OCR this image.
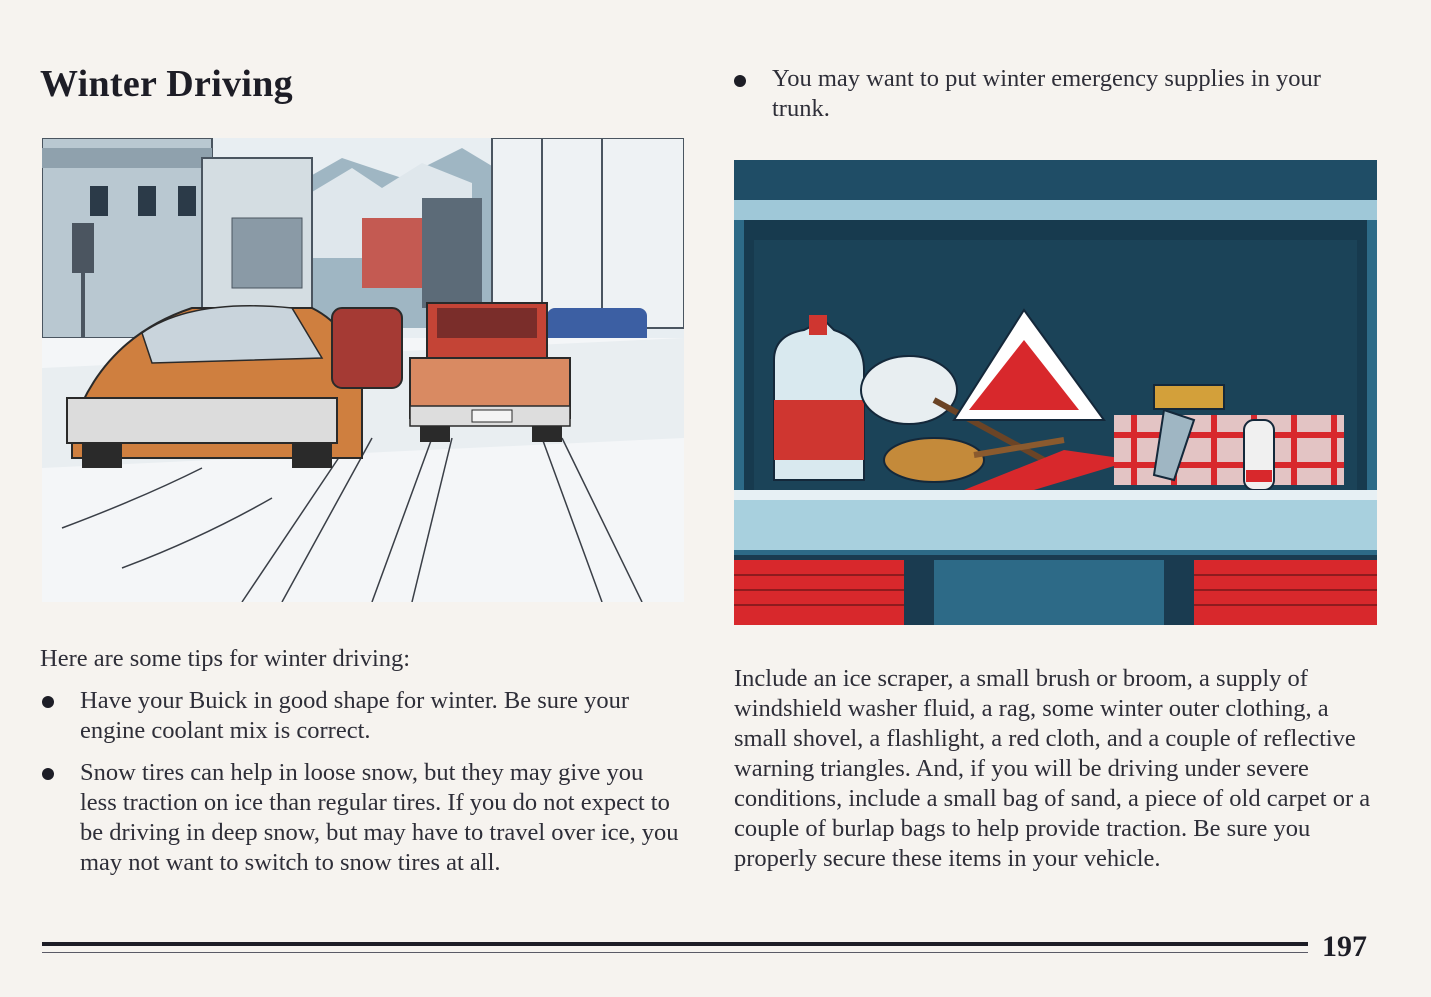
Winter Driving

Here are some tips for winter driving:

Have your Buick in good shape for winter. Be sure your engine coolant mix is correct.
Snow tires can help in loose snow, but they may give you less traction on ice than regular tires. If you do not expect to be driving in deep snow, but may have to travel over ice, you may not want to switch to snow tires at all.

You may want to put winter emergency supplies in your trunk.

Include an ice scraper, a small brush or broom, a supply of windshield washer fluid, a rag, some winter outer clothing, a small shovel, a flashlight, a red cloth, and a couple of reflective warning triangles. And, if you will be driving under severe conditions, include a small bag of sand, a piece of old carpet or a couple of burlap bags to help provide traction. Be sure you properly secure these items in your vehicle.

197
